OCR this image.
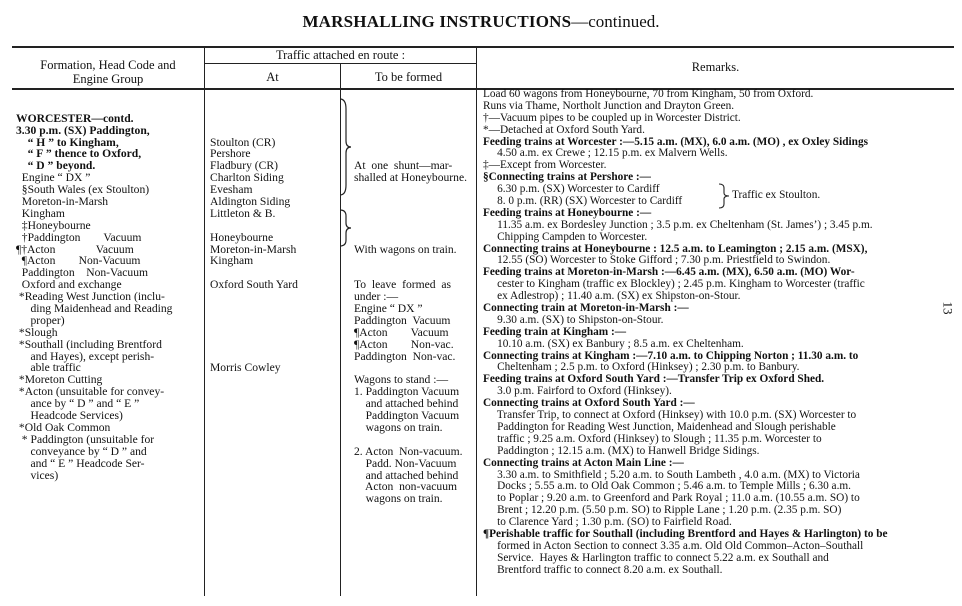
MARSHALLING INSTRUCTIONS—continued.
Formation, Head Code and
Engine Group
Traffic attached en route :
At	To be formed
Remarks.
WORCESTER—contd.
3.30 p.m. (SX) Paddington,
“ H ” to Kingham,
“ F ” thence to Oxford,
“ D ” beyond.
Engine “ DX ”
§South Wales (ex Stoulton)
Moreton-in-Marsh
Kingham
‡Honeybourne
†Paddington        Vacuum
¶†Acton              Vacuum
¶Acton        Non-Vacuum
Paddington    Non-Vacuum
Oxford and exchange
*Reading West Junction (inclu-
ding Maidenhead and Reading
proper)
*Slough
*Southall (including Brentford
and Hayes), except perish-
able traffic
*Moreton Cutting
*Acton (unsuitable for convey-
ance by “ D ” and “ E ”
Headcode Services)
*Old Oak Common
* Paddington (unsuitable for
conveyance by “ D ” and
and “ E ” Headcode Ser-
vices)
Stoulton (CR)
Pershore
Fladbury (CR)
Charlton Siding
Evesham
Aldington Siding
Littleton & B.
Honeybourne
Moreton-in-Marsh
Kingham
Oxford South Yard
Morris Cowley
At  one  shunt—mar-
shalled at Honeybourne.
With wagons on train.
To  leave  formed  as
under :—
Engine “ DX ”
Paddington  Vacuum
¶Acton        Vacuum
¶Acton        Non-vac.
Paddington  Non-vac.
Wagons to stand :—
1. Paddington Vacuum
and attached behind
Paddington Vacuum
wagons on train.
2. Acton  Non-vacuum.
Padd. Non-Vacuum
and attached behind
Acton  non-vacuum
wagons on train.
Load 60 wagons from Honeybourne, 70 from Kingham, 50 from Oxford.
Runs via Thame, Northolt Junction and Drayton Green.
†—Vacuum pipes to be coupled up in Worcester District.
*—Detached at Oxford South Yard.
Feeding trains at Worcester :—5.15 a.m. (MX), 6.0 a.m. (MO) , ex Oxley Sidings
4.50 a.m. ex Crewe ; 12.15 p.m. ex Malvern Wells.
‡—Except from Worcester.
§Connecting trains at Pershore :—
6.30 p.m. (SX) Worcester to Cardiff
8. 0 p.m. (RR) (SX) Worcester to Cardiff
Feeding trains at Honeybourne :—
11.35 a.m. ex Bordesley Junction ; 3.5 p.m. ex Cheltenham (St. James’) ; 3.45 p.m.
Chipping Campden to Worcester.
Connecting trains at Honeybourne : 12.5 a.m. to Leamington ; 2.15 a.m. (MSX),
12.55 (SO) Worcester to Stoke Gifford ; 7.30 p.m. Priestfield to Swindon.
Feeding trains at Moreton-in-Marsh :—6.45 a.m. (MX), 6.50 a.m. (MO) Wor-
cester to Kingham (traffic ex Blockley) ; 2.45 p.m. Kingham to Worcester (traffic
ex Adlestrop) ; 11.40 a.m. (SX) ex Shipston-on-Stour.
Connecting train at Moreton-in-Marsh :—
9.30 a.m. (SX) to Shipston-on-Stour.
Feeding train at Kingham :—
10.10 a.m. (SX) ex Banbury ; 8.5 a.m. ex Cheltenham.
Connecting trains at Kingham :—7.10 a.m. to Chipping Norton ; 11.30 a.m. to
Cheltenham ; 2.5 p.m. to Oxford (Hinksey) ; 2.30 p.m. to Banbury.
Feeding trains at Oxford South Yard :—Transfer Trip ex Oxford Shed.
3.0 p.m. Fairford to Oxford (Hinksey).
Connecting trains at Oxford South Yard :—
Transfer Trip, to connect at Oxford (Hinksey) with 10.0 p.m. (SX) Worcester to
Paddington for Reading West Junction, Maidenhead and Slough perishable
traffic ; 9.25 a.m. Oxford (Hinksey) to Slough ; 11.35 p.m. Worcester to
Paddington ; 12.15 a.m. (MX) to Hanwell Bridge Sidings.
Connecting trains at Acton Main Line :—
3.30 a.m. to Smithfield ; 5.20 a.m. to South Lambeth , 4.0 a.m. (MX) to Victoria
Docks ; 5.55 a.m. to Old Oak Common ; 5.46 a.m. to Temple Mills ; 6.30 a.m.
to Poplar ; 9.20 a.m. to Greenford and Park Royal ; 11.0 a.m. (10.55 a.m. SO) to
Brent ; 12.20 p.m. (5.50 p.m. SO) to Ripple Lane ; 1.20 p.m. (2.35 p.m. SO)
to Clarence Yard ; 1.30 p.m. (SO) to Fairfield Road.
¶Perishable traffic for Southall (including Brentford and Hayes & Harlington) to be
formed in Acton Section to connect 3.35 a.m. Old Old Common–Acton–Southall
Service.  Hayes & Harlington traffic to connect 5.22 a.m. ex Southall and
Brentford traffic to connect 8.20 a.m. ex Southall.
Traffic ex Stoulton.
13
